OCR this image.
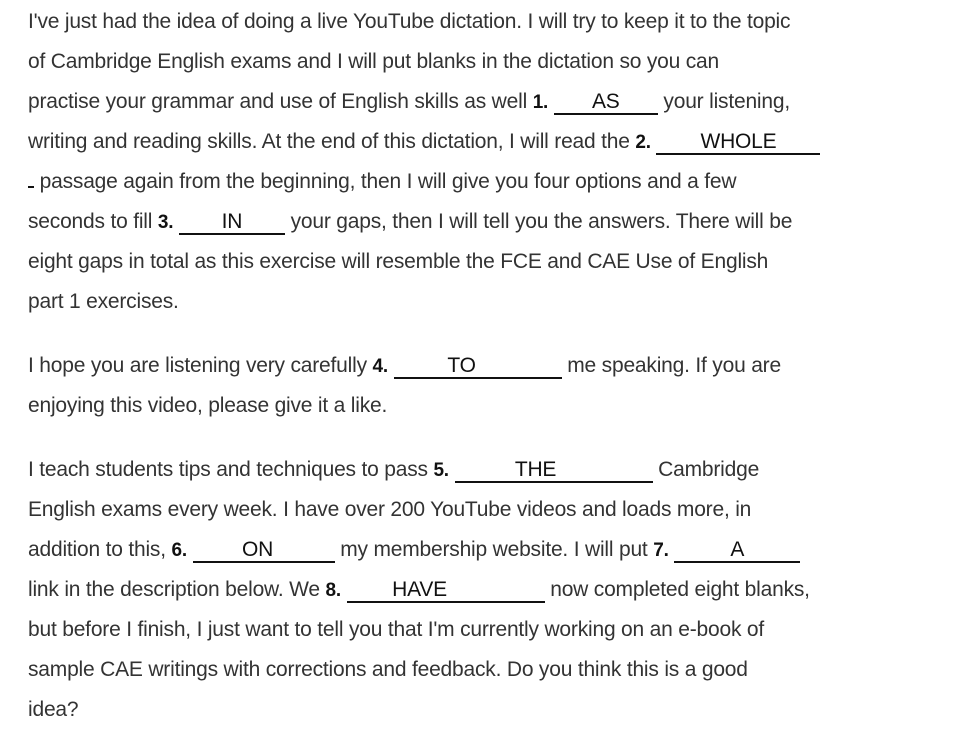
I've just had the idea of doing a live YouTube dictation. I will try to keep it to the topic
of Cambridge English exams and I will put blanks in the dictation so you can
practise your grammar and use of English skills as well 1. AS your listening,
writing and reading skills. At the end of this dictation, I will read the 2. WHOLE
passage again from the beginning, then I will give you four options and a few
seconds to fill 3. IN your gaps, then I will tell you the answers. There will be
eight gaps in total as this exercise will resemble the FCE and CAE Use of English
part 1 exercises.
I hope you are listening very carefully 4.	TO	me speaking. If you are
enjoying this video, please give it a like.
I teach students tips and techniques to pass 5.	THE	Cambridge
English exams every week. I have over 200 YouTube videos and loads more, in
addition to this, 6.	ON	my membership website. I will put 7.	A
link in the description below. We 8. HAVE	now completed eight blanks,
but before I finish, I just want to tell you that I'm currently working on an e-book of
sample CAE writings with corrections and feedback. Do you think this is a good
idea?
